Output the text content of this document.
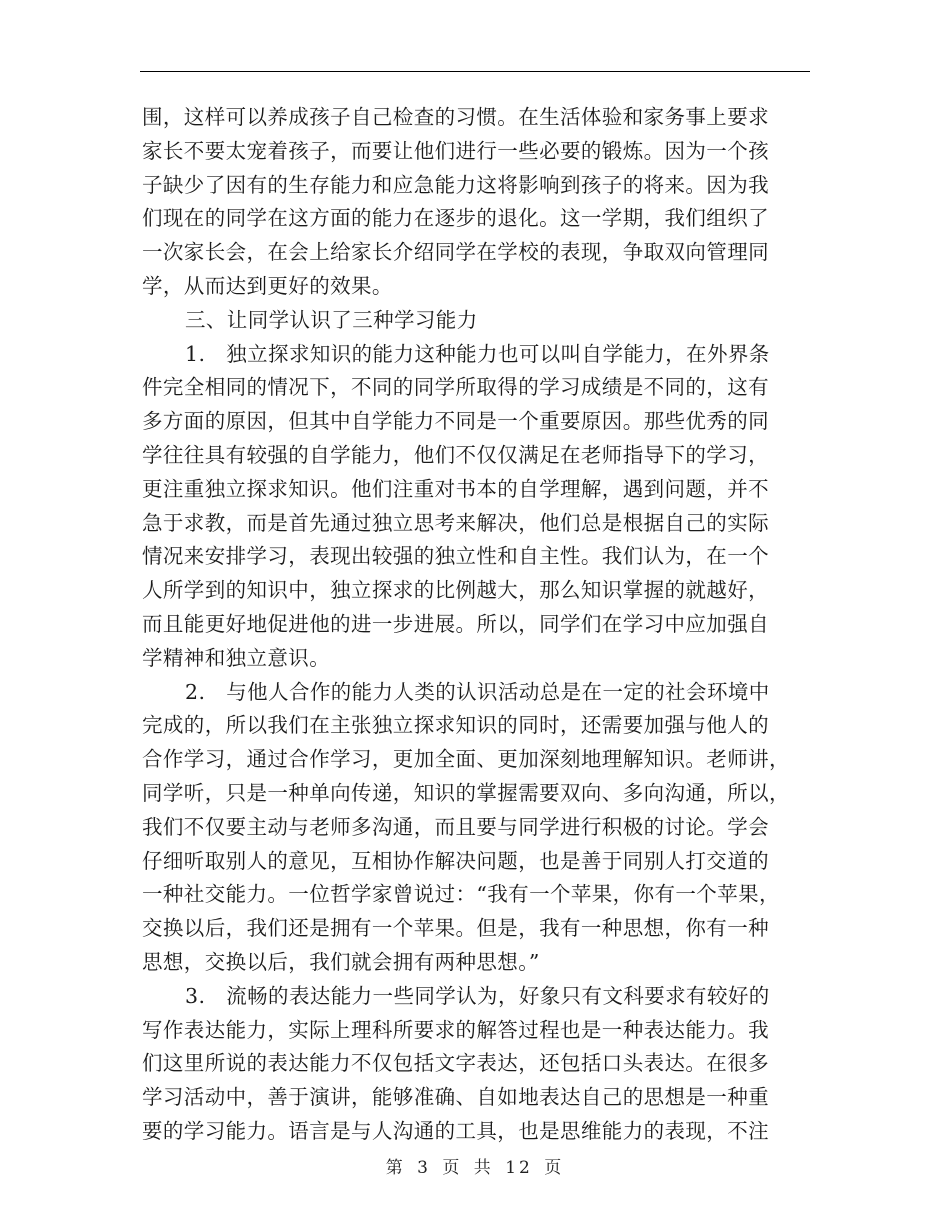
围，这样可以养成孩子自己检查的习惯。在生活体验和家务事上要求
家长不要太宠着孩子，而要让他们进行一些必要的锻炼。因为一个孩
子缺少了因有的生存能力和应急能力这将影响到孩子的将来。因为我
们现在的同学在这方面的能力在逐步的退化。这一学期，我们组织了
一次家长会，在会上给家长介绍同学在学校的表现，争取双向管理同
学，从而达到更好的效果。
三、让同学认识了三种学习能力
1.　独立探求知识的能力这种能力也可以叫自学能力，在外界条
件完全相同的情况下，不同的同学所取得的学习成绩是不同的，这有
多方面的原因，但其中自学能力不同是一个重要原因。那些优秀的同
学往往具有较强的自学能力，他们不仅仅满足在老师指导下的学习，
更注重独立探求知识。他们注重对书本的自学理解，遇到问题，并不
急于求教，而是首先通过独立思考来解决，他们总是根据自己的实际
情况来安排学习，表现出较强的独立性和自主性。我们认为，在一个
人所学到的知识中，独立探求的比例越大，那么知识掌握的就越好，
而且能更好地促进他的进一步进展。所以，同学们在学习中应加强自
学精神和独立意识。
2.　与他人合作的能力人类的认识活动总是在一定的社会环境中
完成的，所以我们在主张独立探求知识的同时，还需要加强与他人的
合作学习，通过合作学习，更加全面、更加深刻地理解知识。老师讲，
同学听，只是一种单向传递，知识的掌握需要双向、多向沟通，所以，
我们不仅要主动与老师多沟通，而且要与同学进行积极的讨论。学会
仔细听取别人的意见，互相协作解决问题，也是善于同别人打交道的
一种社交能力。一位哲学家曾说过：“我有一个苹果，你有一个苹果，
交换以后，我们还是拥有一个苹果。但是，我有一种思想，你有一种
思想，交换以后，我们就会拥有两种思想。”
3.　流畅的表达能力一些同学认为，好象只有文科要求有较好的
写作表达能力，实际上理科所要求的解答过程也是一种表达能力。我
们这里所说的表达能力不仅包括文字表达，还包括口头表达。在很多
学习活动中，善于演讲，能够准确、自如地表达自己的思想是一种重
要的学习能力。语言是与人沟通的工具，也是思维能力的表现，不注
第 3 页 共 12 页
